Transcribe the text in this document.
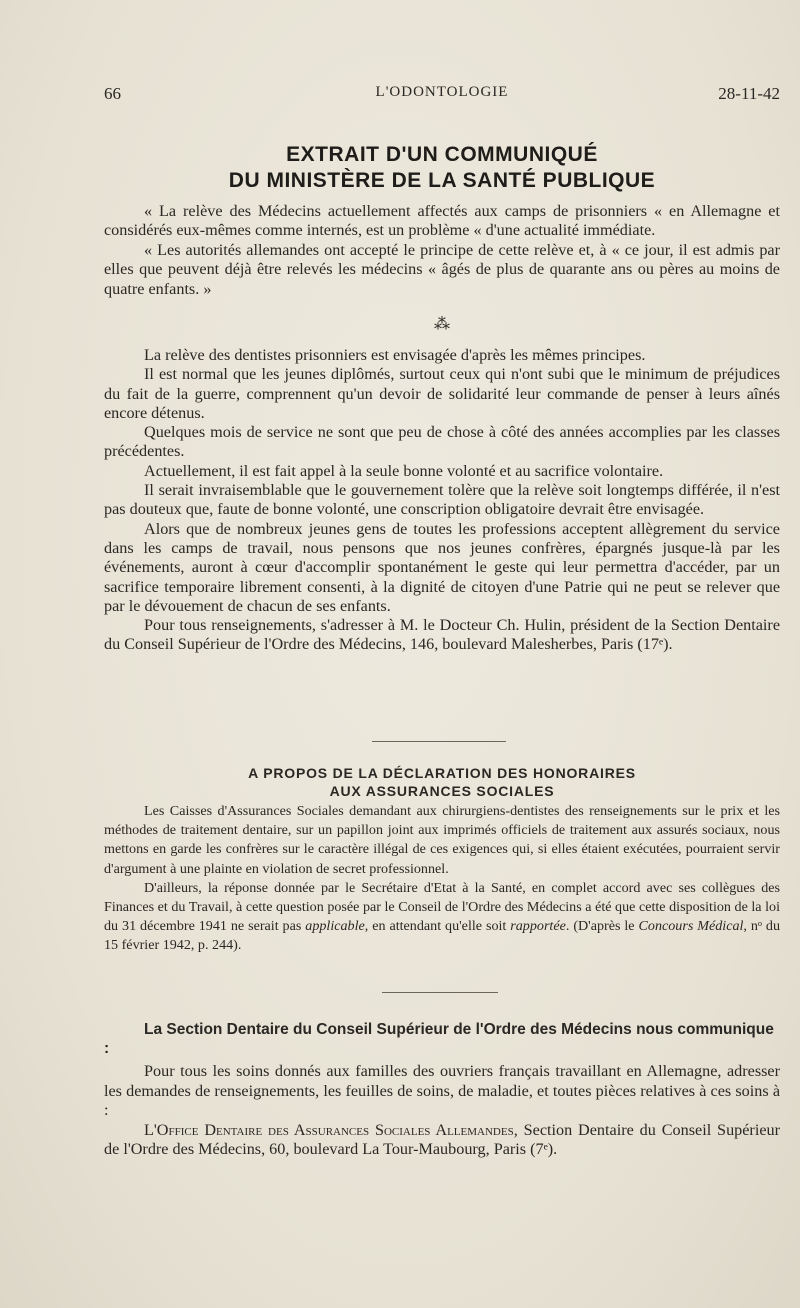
66	L'ODONTOLOGIE	28-11-42
EXTRAIT D'UN COMMUNIQUÉ
DU MINISTÈRE DE LA SANTÉ PUBLIQUE

« La relève des Médecins actuellement affectés aux camps de prisonniers « en Allemagne et considérés eux-mêmes comme internés, est un problème « d'une actualité immédiate.

« Les autorités allemandes ont accepté le principe de cette relève et, à « ce jour, il est admis par elles que peuvent déjà être relevés les médecins « âgés de plus de quarante ans ou pères au moins de quatre enfants. »

⁂

La relève des dentistes prisonniers est envisagée d'après les mêmes principes.

Il est normal que les jeunes diplômés, surtout ceux qui n'ont subi que le minimum de préjudices du fait de la guerre, comprennent qu'un devoir de solidarité leur commande de penser à leurs aînés encore détenus.

Quelques mois de service ne sont que peu de chose à côté des années accomplies par les classes précédentes.

Actuellement, il est fait appel à la seule bonne volonté et au sacrifice volontaire.

Il serait invraisemblable que le gouvernement tolère que la relève soit longtemps différée, il n'est pas douteux que, faute de bonne volonté, une conscription obligatoire devrait être envisagée.

Alors que de nombreux jeunes gens de toutes les professions acceptent allègrement du service dans les camps de travail, nous pensons que nos jeunes confrères, épargnés jusque-là par les événements, auront à cœur d'accomplir spontanément le geste qui leur permettra d'accéder, par un sacrifice temporaire librement consenti, à la dignité de citoyen d'une Patrie qui ne peut se relever que par le dévouement de chacun de ses enfants.

Pour tous renseignements, s'adresser à M. le Docteur Ch. Hulin, président de la Section Dentaire du Conseil Supérieur de l'Ordre des Médecins, 146, boulevard Malesherbes, Paris (17ᵉ).

A PROPOS DE LA DÉCLARATION DES HONORAIRES
AUX ASSURANCES SOCIALES

Les Caisses d'Assurances Sociales demandant aux chirurgiens-dentistes des renseignements sur le prix et les méthodes de traitement dentaire, sur un papillon joint aux imprimés officiels de traitement aux assurés sociaux, nous mettons en garde les confrères sur le caractère illégal de ces exigences qui, si elles étaient exécutées, pourraient servir d'argument à une plainte en violation de secret professionnel.

D'ailleurs, la réponse donnée par le Secrétaire d'Etat à la Santé, en complet accord avec ses collègues des Finances et du Travail, à cette question posée par le Conseil de l'Ordre des Médecins a été que cette disposition de la loi du 31 décembre 1941 ne serait pas applicable, en attendant qu'elle soit rapportée. (D'après le Concours Médical, nᵒ du 15 février 1942, p. 244).

La Section Dentaire du Conseil Supérieur de l'Ordre des Médecins nous communique :

Pour tous les soins donnés aux familles des ouvriers français travaillant en Allemagne, adresser les demandes de renseignements, les feuilles de soins, de maladie, et toutes pièces relatives à ces soins à :

L'Office Dentaire des Assurances Sociales Allemandes, Section Dentaire du Conseil Supérieur de l'Ordre des Médecins, 60, boulevard La Tour-Maubourg, Paris (7ᵉ).
